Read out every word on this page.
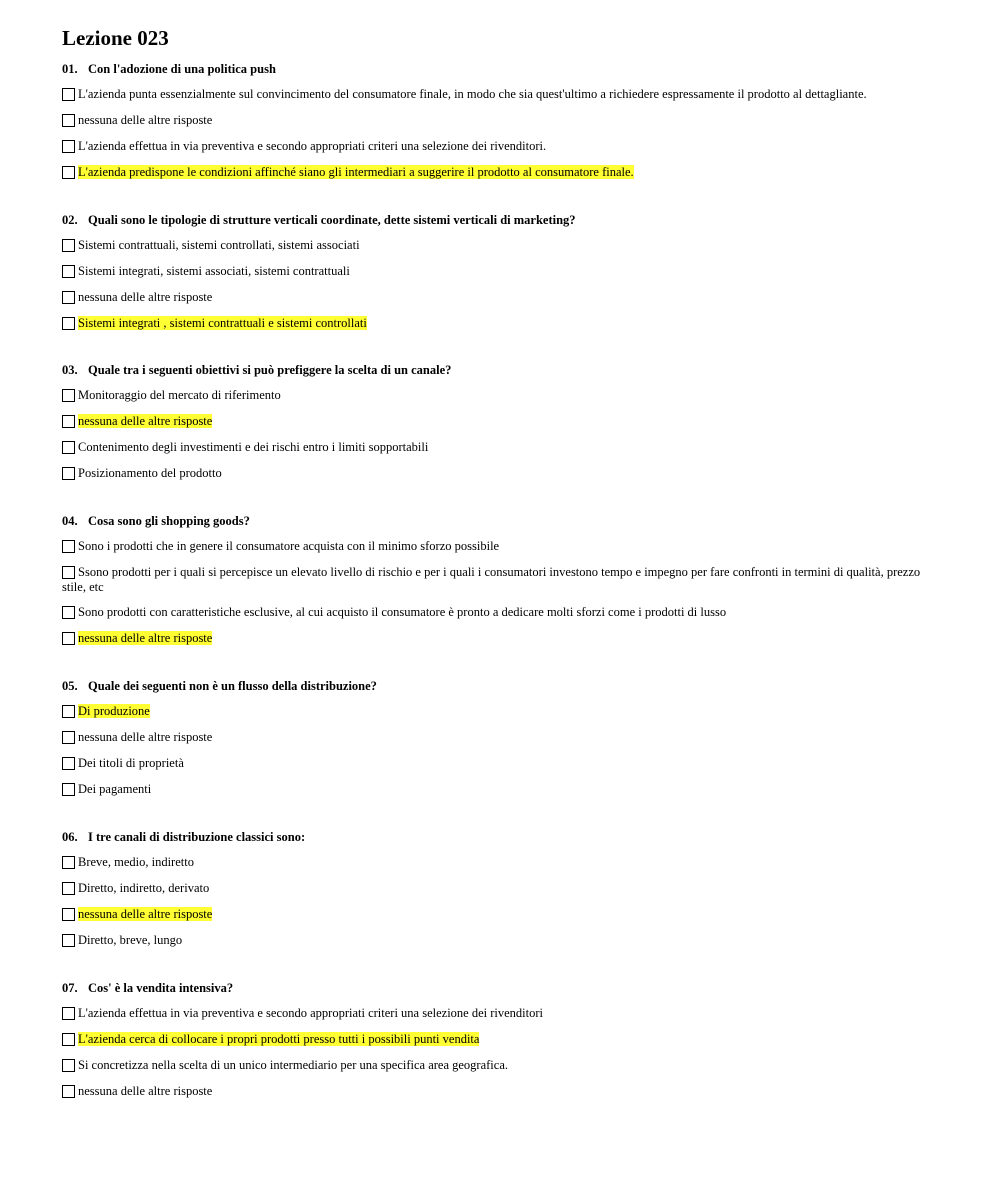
Lezione 023
01. Con l'adozione di una politica push
L'azienda punta essenzialmente sul convincimento del consumatore finale, in modo che sia quest'ultimo a richiedere espressamente il prodotto al dettagliante.
nessuna delle altre risposte
L'azienda effettua in via preventiva e secondo appropriati criteri una selezione dei rivenditori.
L'azienda predispone le condizioni affinché siano gli intermediari a suggerire il prodotto al consumatore finale.
02. Quali sono le tipologie di strutture verticali coordinate, dette sistemi verticali di marketing?
Sistemi contrattuali, sistemi controllati, sistemi associati
Sistemi integrati, sistemi associati, sistemi contrattuali
nessuna delle altre risposte
Sistemi integrati , sistemi contrattuali e sistemi controllati
03. Quale tra i seguenti obiettivi si può prefiggere la scelta di un canale?
Monitoraggio del mercato di riferimento
nessuna delle altre risposte
Contenimento degli investimenti e dei rischi entro i limiti sopportabili
Posizionamento del prodotto
04. Cosa sono gli shopping goods?
Sono i prodotti che in genere il consumatore acquista con il minimo sforzo possibile
Ssono prodotti per i quali si percepisce un elevato livello di rischio e per i quali i consumatori investono tempo e impegno per fare confronti in termini di qualità, prezzo stile, etc
Sono prodotti con caratteristiche esclusive, al cui acquisto il consumatore è pronto a dedicare molti sforzi come i prodotti di lusso
nessuna delle altre risposte
05. Quale dei seguenti non è un flusso della distribuzione?
Di produzione
nessuna delle altre risposte
Dei titoli di proprietà
Dei pagamenti
06. I tre canali di distribuzione classici sono:
Breve, medio, indiretto
Diretto, indiretto, derivato
nessuna delle altre risposte
Diretto, breve, lungo
07. Cos' è la vendita intensiva?
L'azienda effettua in via preventiva e secondo appropriati criteri una selezione dei rivenditori
L'azienda cerca di collocare i propri prodotti presso tutti i possibili punti vendita
Si concretizza nella scelta di un unico intermediario per una specifica area geografica.
nessuna delle altre risposte
